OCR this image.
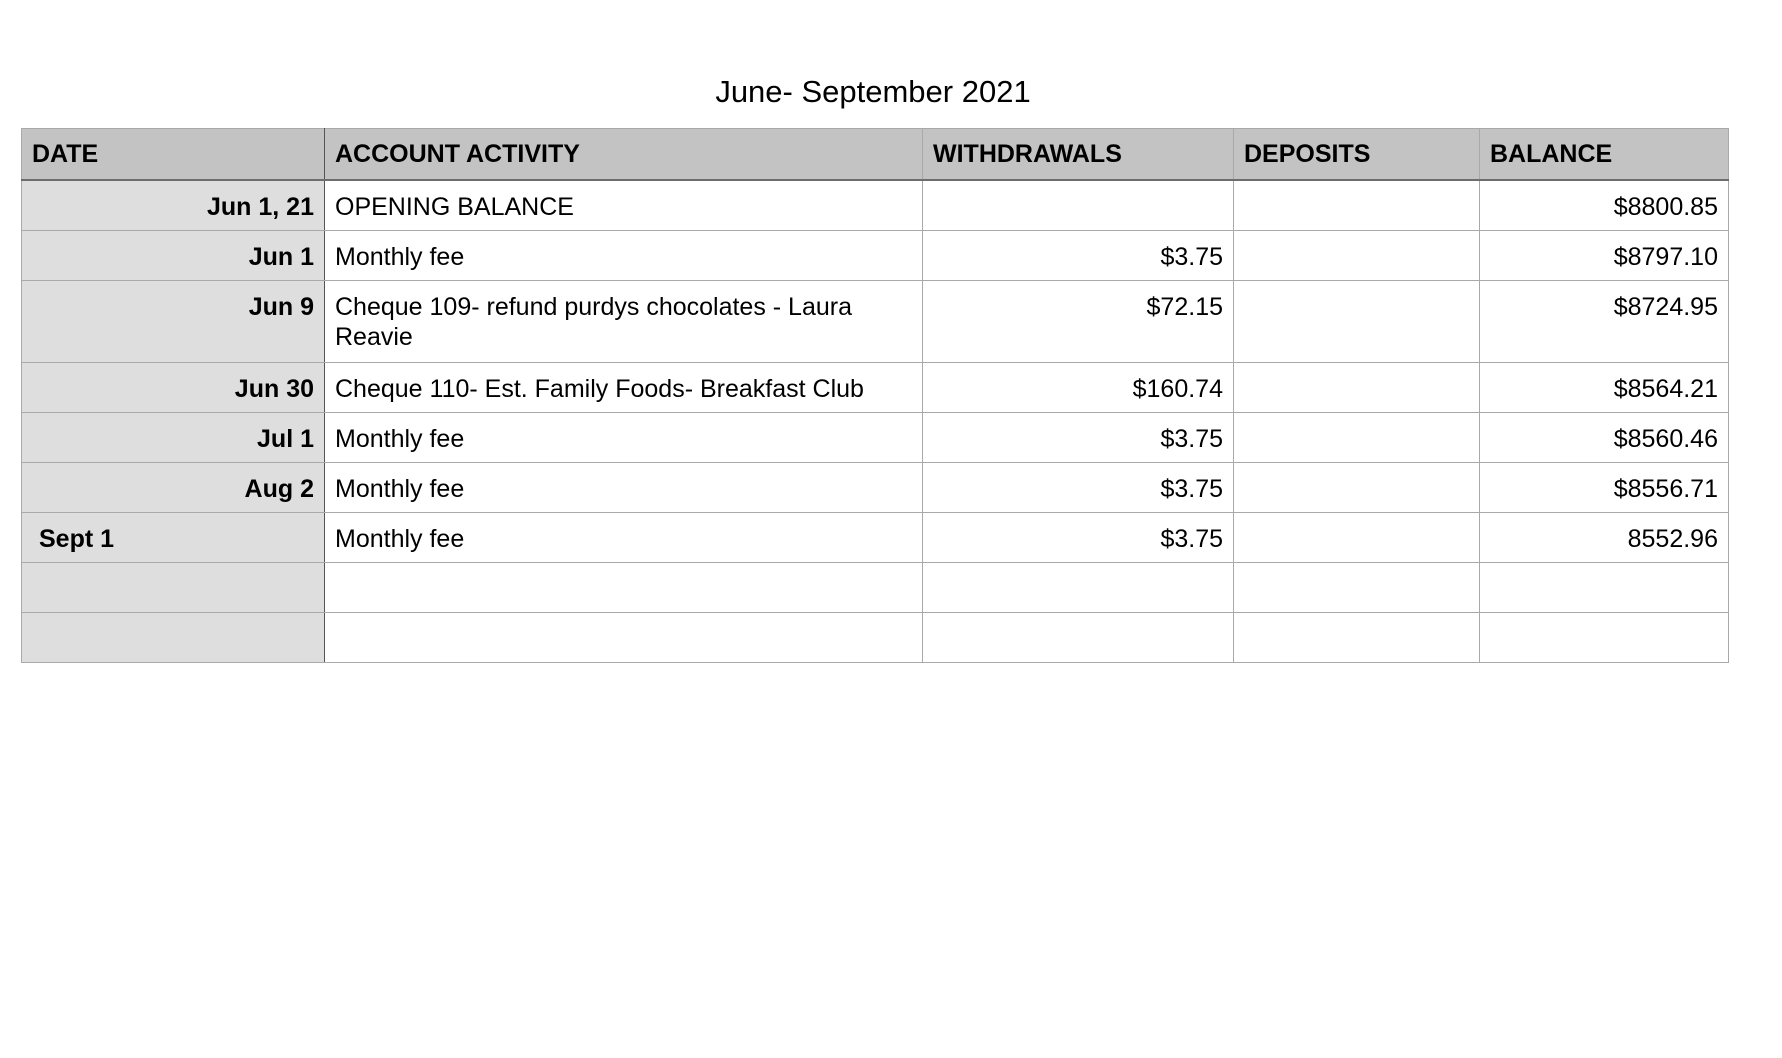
June- September 2021
DATE	ACCOUNT ACTIVITY	WITHDRAWALS	DEPOSITS	BALANCE
Jun 1, 21	OPENING BALANCE			$8800.85
Jun 1	Monthly fee	$3.75		$8797.10
Jun 9	Cheque 109- refund purdys chocolates - Laura Reavie	$72.15		$8724.95
Jun 30	Cheque 110- Est. Family Foods- Breakfast Club	$160.74		$8564.21
Jul 1	Monthly fee	$3.75		$8560.46
Aug 2	Monthly fee	$3.75		$8556.71
Sept 1	Monthly fee	$3.75		8552.96
